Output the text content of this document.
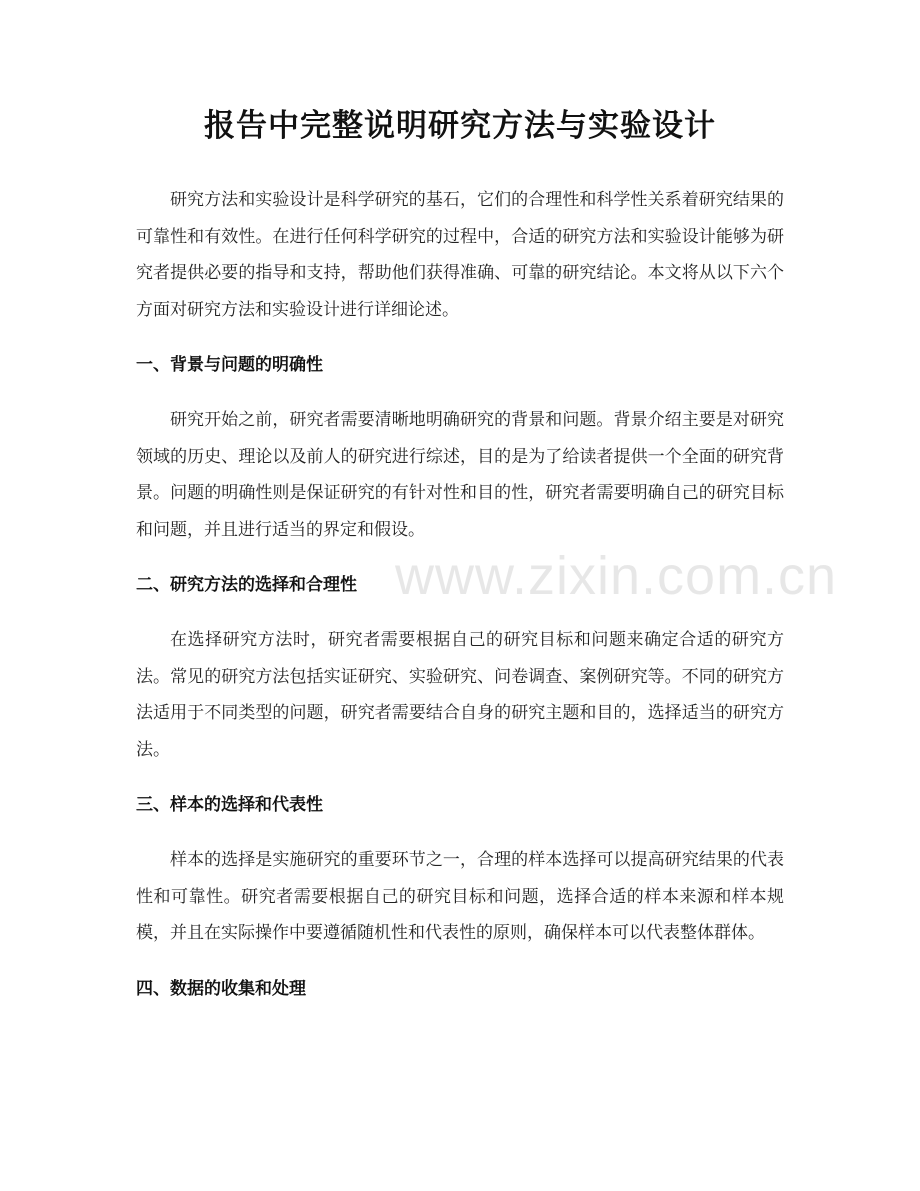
报告中完整说明研究方法与实验设计

研究方法和实验设计是科学研究的基石，它们的合理性和科学性关系着研究结果的可靠性和有效性。在进行任何科学研究的过程中，合适的研究方法和实验设计能够为研究者提供必要的指导和支持，帮助他们获得准确、可靠的研究结论。本文将从以下六个方面对研究方法和实验设计进行详细论述。

一、背景与问题的明确性

研究开始之前，研究者需要清晰地明确研究的背景和问题。背景介绍主要是对研究领域的历史、理论以及前人的研究进行综述，目的是为了给读者提供一个全面的研究背景。问题的明确性则是保证研究的有针对性和目的性，研究者需要明确自己的研究目标和问题，并且进行适当的界定和假设。

二、研究方法的选择和合理性

在选择研究方法时，研究者需要根据自己的研究目标和问题来确定合适的研究方法。常见的研究方法包括实证研究、实验研究、问卷调查、案例研究等。不同的研究方法适用于不同类型的问题，研究者需要结合自身的研究主题和目的，选择适当的研究方法。

三、样本的选择和代表性

样本的选择是实施研究的重要环节之一，合理的样本选择可以提高研究结果的代表性和可靠性。研究者需要根据自己的研究目标和问题，选择合适的样本来源和样本规模，并且在实际操作中要遵循随机性和代表性的原则，确保样本可以代表整体群体。

四、数据的收集和处理
www.zixin.com.cn
